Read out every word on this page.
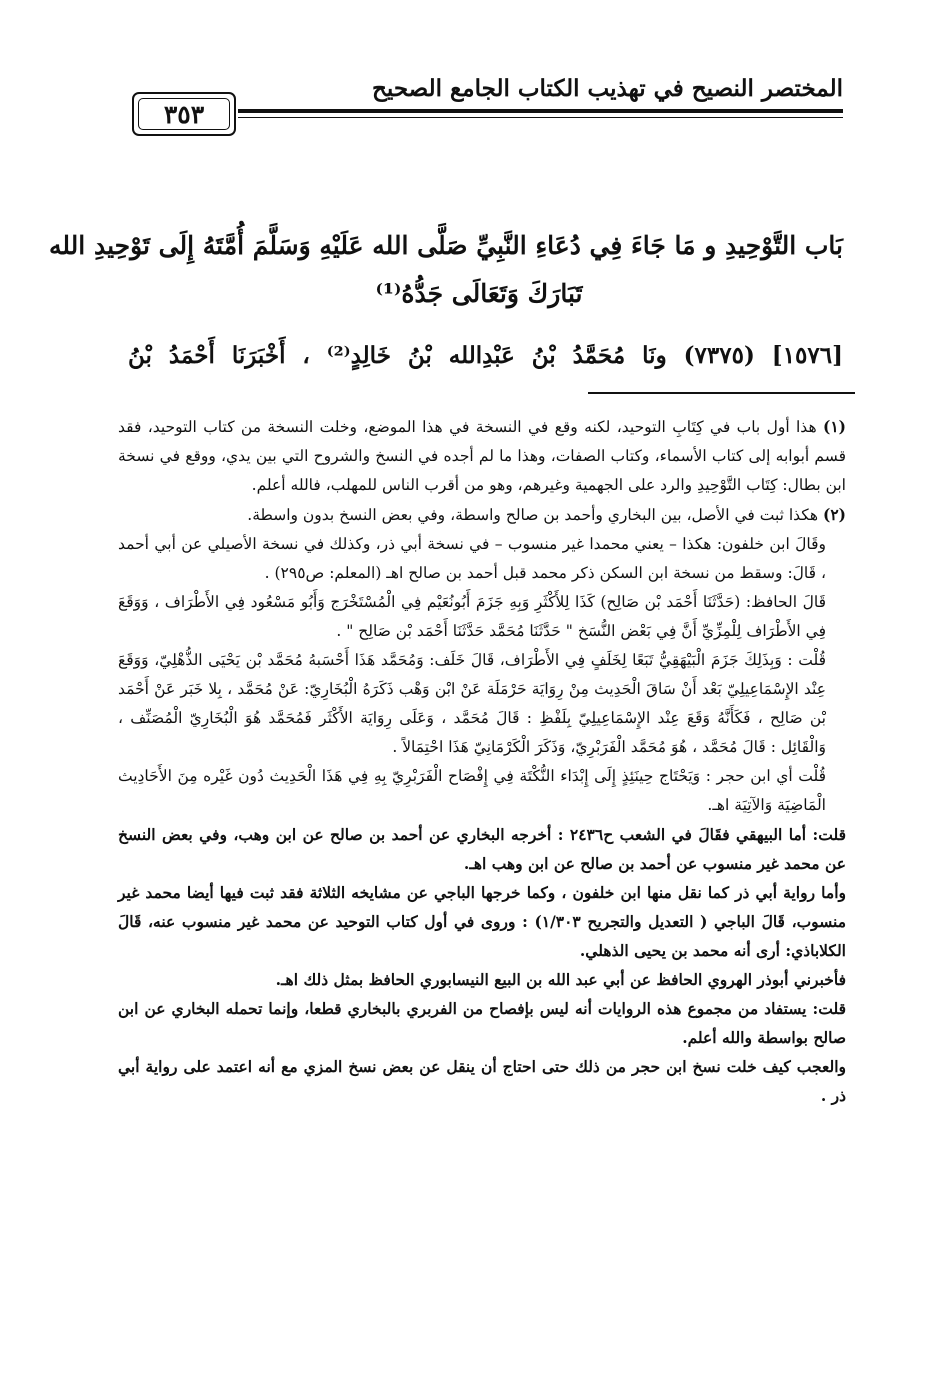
المختصر النصيح في تهذيب الكتاب الجامع الصحيح
٣٥٣
بَاب التَّوْحِيدِ و مَا جَاءَ فِي دُعَاءِ النَّبِيِّ صَلَّى الله عَلَيْهِ وَسَلَّمَ أُمَّتَهُ إِلَى تَوْحِيدِ الله
تَبَارَكَ وَتَعَالَى جَدُّهُ⁽¹⁾
[١٥٧٦] (٧٣٧٥) ونَا مُحَمَّدُ بْنُ عَبْدِالله بْنُ خَالِدٍ⁽²⁾ ، أَخْبَرَنَا أَحْمَدُ بْنُ

(١) هذا أول باب في كِتَابِ التوحيد، لكنه وقع في النسخة في هذا الموضع، وخلت النسخة من كتاب التوحيد، فقد قسم أبوابه إلى كتاب الأسماء، وكتاب الصفات، وهذا ما لم أجده في النسخ والشروح التي بين يدي، ووقع في نسخة ابن بطال: كِتَاب التَّوْحِيدِ والرد على الجهمية وغيرهم، وهو من أقرب الناس للمهلب، فالله أعلم.

(٢) هكذا ثبت في الأصل، بين البخاري وأحمد بن صالح واسطة، وفي بعض النسخ بدون واسطة.

وقَالَ ابن خلفون: هكذا – يعني محمدا غير منسوب – في نسخة أبي ذر، وكذلك في نسخة الأصيلي عن أبي أحمد ، قَالَ: وسقط من نسخة ابن السكن ذكر محمد قبل أحمد بن صالح اهـ (المعلم: ص٢٩٥) .

قَالَ الحافظ: (حَدَّثَنَا أَحْمَد بْن صَالِح) كَذَا لِلأَكْثَرِ وَبِهِ جَزَمَ أَبُونُعَيْم فِي الْمُسْتَخْرَج وَأَبُو مَسْعُود فِي الأَطْرَاف ، وَوَقَعَ فِي الأَطْرَاف لِلْمِزِّيِّ أَنَّ فِي بَعْض النُّسَخ " حَدَّثَنَا مُحَمَّد حَدَّثَنَا أَحْمَد بْن صَالِح " .

قُلْت : وَبِذَلِكَ جَزَمَ الْبَيْهَقِيُّ تَبَعًا لِخَلَفٍ فِي الأَطْرَاف، قَالَ خَلَف: وَمُحَمَّد هَذَا أَحْسَبهُ مُحَمَّد بْن يَحْيَى الذُّهْلِيّ، وَوَقَعَ عِنْد الإِسْمَاعِيلِيّ بَعْد أَنْ سَاقَ الْحَدِيث مِنْ رِوَايَة حَرْمَلَة عَنْ ابْن وَهْب ذَكَرَهُ الْبُخَارِيّ: عَنْ مُحَمَّد ، بِلا خَبَر عَنْ أَحْمَد بْن صَالِح ، فَكَأَنَّهُ وَقَعَ عِنْد الإِسْمَاعِيلِيّ بِلَفْظِ : قَالَ مُحَمَّد ، وَعَلَى رِوَايَة الأَكْثَر فَمُحَمَّد هُوَ الْبُخَارِيّ الْمُصَنِّف ، وَالْقَائِل : قَالَ مُحَمَّد ، هُوَ مُحَمَّد الْفَرَبْرِيّ، وَذَكَرَ الْكَرْمَانِيّ هَذَا احْتِمَالاً .

قُلْت أي ابن حجر : وَيَحْتَاج حِينَئِذٍ إِلَى إِبْدَاء النُّكْتَة فِي إِفْصَاح الْفَرَبْرِيّ بِهِ فِي هَذَا الْحَدِيث دُون غَيْره مِنَ الأَحَادِيث الْمَاضِيَة وَالآتِيَة اهـ.

قلت: أما البيهقي فقَالَ في الشعب ح٢٤٣٦ : أخرجه البخاري عن أحمد بن صالح عن ابن وهب، وفي بعض النسخ عن محمد غير منسوب عن أحمد بن صالح عن ابن وهب اهـ.

وأما رواية أبي ذر كما نقل منها ابن خلفون ، وكما خرجها الباجي عن مشايخه الثلاثة فقد ثبت فيها أيضا محمد غير منسوب، قَالَ الباجي ( التعديل والتجريح ١/٣٠٣) : وروى في أول كتاب التوحيد عن محمد غير منسوب عنه، قَالَ الكلاباذي: أرى أنه محمد بن يحيى الذهلي.

فأخبرني أبوذر الهروي الحافظ عن أبي عبد الله بن البيع النيسابوري الحافظ بمثل ذلك اهـ.

قلت: يستفاد من مجموع هذه الروايات أنه ليس بإفصاح من الفربري بالبخاري قطعا، وإنما تحمله البخاري عن ابن صالح بواسطة والله أعلم.

والعجب كيف خلت نسخ ابن حجر من ذلك حتى احتاج أن ينقل عن بعض نسخ المزي مع أنه اعتمد على رواية أبي ذر .
